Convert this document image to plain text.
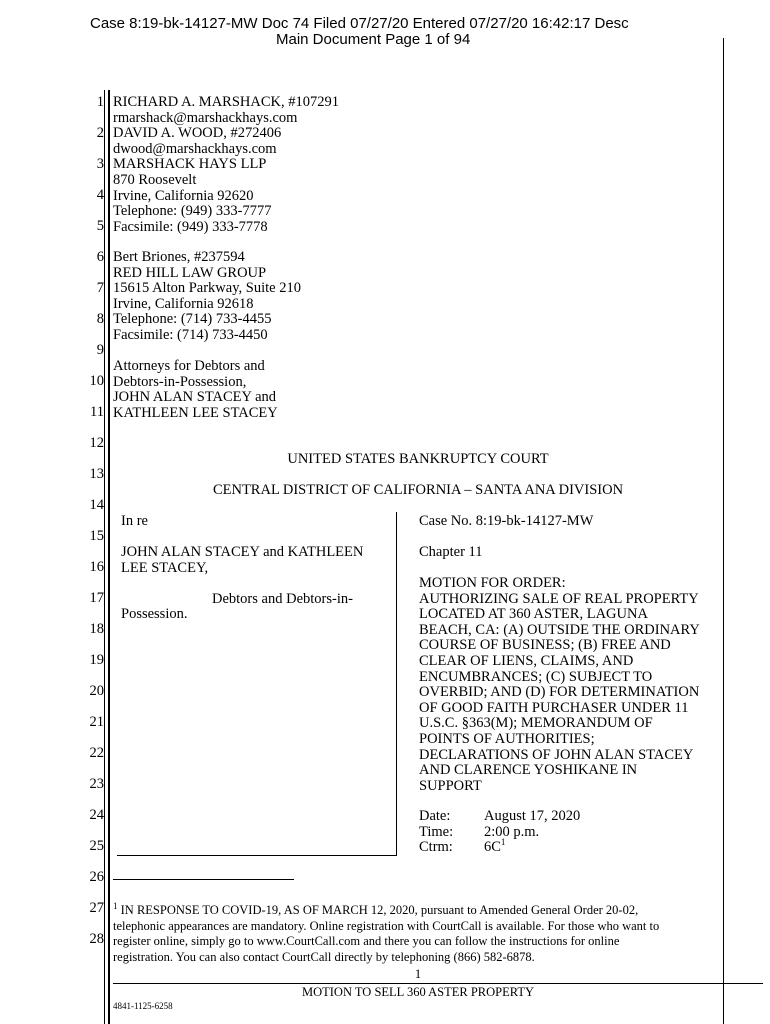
Case 8:19-bk-14127-MW Doc 74 Filed 07/27/20 Entered 07/27/20 16:42:17 Desc
Main Document Page 1 of 94
1
2
3
4
5
6
7
8
9
10
11
12
13
14
15
16
17
18
19
20
21
22
23
24
25
26
27
28
RICHARD A. MARSHACK, #107291
rmarshack@marshackhays.com
DAVID A. WOOD, #272406
dwood@marshackhays.com
MARSHACK HAYS LLP
870 Roosevelt
Irvine, California 92620
Telephone: (949) 333-7777
Facsimile: (949) 333-7778
Bert Briones, #237594
RED HILL LAW GROUP
15615 Alton Parkway, Suite 210
Irvine, California 92618
Telephone: (714) 733-4455
Facsimile: (714) 733-4450
Attorneys for Debtors and
Debtors-in-Possession,
JOHN ALAN STACEY and
KATHLEEN LEE STACEY
UNITED STATES BANKRUPTCY COURT
CENTRAL DISTRICT OF CALIFORNIA – SANTA ANA DIVISION
In re
JOHN ALAN STACEY and KATHLEEN
LEE STACEY,
Debtors and Debtors-in-
Possession.
Case No. 8:19-bk-14127-MW
Chapter 11
MOTION FOR ORDER:
AUTHORIZING SALE OF REAL PROPERTY
LOCATED AT 360 ASTER, LAGUNA
BEACH, CA: (A) OUTSIDE THE ORDINARY
COURSE OF BUSINESS; (B) FREE AND
CLEAR OF LIENS, CLAIMS, AND
ENCUMBRANCES; (C) SUBJECT TO
OVERBID; AND (D) FOR DETERMINATION
OF GOOD FAITH PURCHASER UNDER 11
U.S.C. §363(M); MEMORANDUM OF
POINTS OF AUTHORITIES;
DECLARATIONS OF JOHN ALAN STACEY
AND CLARENCE YOSHIKANE IN
SUPPORT
Date: August 17, 2020
Time: 2:00 p.m.
Ctrm: $6C^1$
$^1$ IN RESPONSE TO COVID-19, AS OF MARCH 12, 2020, pursuant to Amended General Order 20-02,
telephonic appearances are mandatory. Online registration with CourtCall is available. For those who want to
register online, simply go to www.CourtCall.com and there you can follow the instructions for online
registration. You can also contact CourtCall directly by telephoning (866) 582-6878.
1
MOTION TO SELL 360 ASTER PROPERTY
4841-1125-6258
